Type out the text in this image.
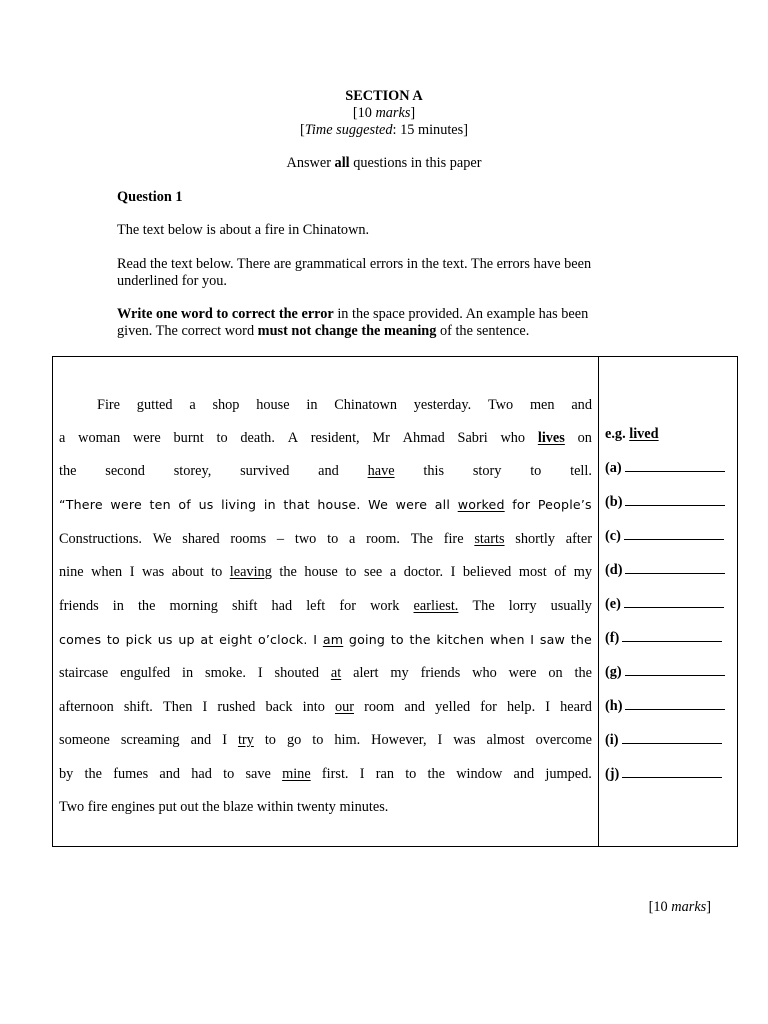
SECTION A
[10 marks]
[Time suggested: 15 minutes]
Answer all questions in this paper
Question 1
The text below is about a fire in Chinatown.
Read the text below. There are grammatical errors in the text. The errors have been
underlined for you.
Write one word to correct the error in the space provided. An example has been
given. The correct word must not change the meaning of the sentence.
Fire gutted a shop house in Chinatown yesterday. Two men and
a woman were burnt to death. A resident, Mr Ahmad Sabri who lives on
the second storey, survived and have this story to tell.
“There were ten of us living in that house. We were all worked for People’s
Constructions. We shared rooms – two to a room. The fire starts shortly after
nine when I was about to leaving the house to see a doctor. I believed most of my
friends in the morning shift had left for work earliest. The lorry usually
comes to pick us up at eight o’clock. I am going to the kitchen when I saw the
staircase engulfed in smoke. I shouted at alert my friends who were on the
afternoon shift. Then I rushed back into our room and yelled for help. I heard
someone screaming and I try to go to him. However, I was almost overcome
by the fumes and had to save mine first. I ran to the window and jumped.
Two fire engines put out the blaze within twenty minutes.
e.g. lived
(a)
(b)
(c)
(d)
(e)
(f)
(g)
(h)
(i)
(j)
[10 marks]
